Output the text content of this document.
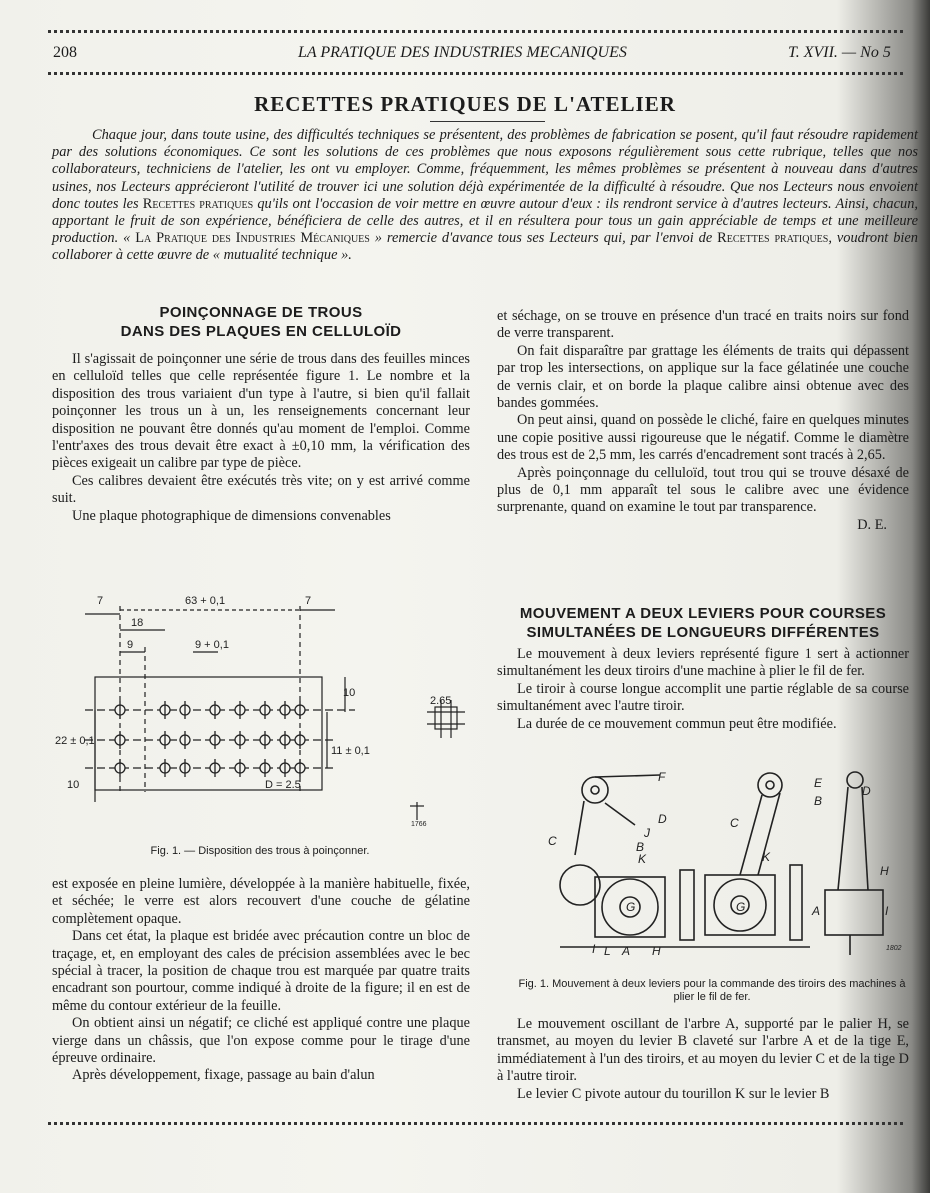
208	LA PRATIQUE DES INDUSTRIES MECANIQUES	T. XVII. — No 5
RECETTES PRATIQUES DE L'ATELIER

Chaque jour, dans toute usine, des difficultés techniques se présentent, des problèmes de fabrication se posent, qu'il faut résoudre rapidement par des solutions économiques. Ce sont les solutions de ces problèmes que nous exposons régulièrement sous cette rubrique, telles que nos collaborateurs, techniciens de l'atelier, les ont vu employer. Comme, fréquemment, les mêmes problèmes se présentent à nouveau dans d'autres usines, nos Lecteurs apprécieront l'utilité de trouver ici une solution déjà expérimentée de la difficulté à résoudre. Que nos Lecteurs nous envoient donc toutes les Recettes pratiques qu'ils ont l'occasion de voir mettre en œuvre autour d'eux : ils rendront service à d'autres lecteurs. Ainsi, chacun, apportant le fruit de son expérience, bénéficiera de celle des autres, et il en résultera pour tous un gain appréciable de temps et une meilleure production. « La Pratique des Industries Mécaniques » remercie d'avance tous ses Lecteurs qui, par l'envoi de Recettes pratiques, voudront bien collaborer à cette œuvre de « mutualité technique ».

POINÇONNAGE DE TROUS
DANS DES PLAQUES EN CELLULOÏD

Il s'agissait de poinçonner une série de trous dans des feuilles minces en celluloïd telles que celle représentée figure 1. Le nombre et la disposition des trous variaient d'un type à l'autre, si bien qu'il fallait poinçonner les trous un à un, les renseignements concernant leur disposition ne pouvant être donnés qu'au moment de l'emploi. Comme l'entr'axes des trous devait être exact à ±0,10 mm, la vérification des pièces exigeait un calibre par type de pièce.

Ces calibres devaient être exécutés très vite; on y est arrivé comme suit.

Une plaque photographique de dimensions convenables

7	63 + 0,1	7
18
9	9 + 0,1
10
22 ± 0,1
10
11 ± 0,1
D = 2.5
2.65
1766
Fig. 1. — Disposition des trous à poinçonner.

est exposée en pleine lumière, développée à la manière habituelle, fixée, et séchée; le verre est alors recouvert d'une couche de gélatine complètement opaque.

Dans cet état, la plaque est bridée avec précaution contre un bloc de traçage, et, en employant des cales de précision assemblées avec le bec spécial à tracer, la position de chaque trou est marquée par quatre traits encadrant son pourtour, comme indiqué à droite de la figure; il en est de même du contour extérieur de la feuille.

On obtient ainsi un négatif; ce cliché est appliqué contre une plaque vierge dans un châssis, que l'on expose comme pour le tirage d'une épreuve ordinaire.

Après développement, fixage, passage au bain d'alun

et séchage, on se trouve en présence d'un tracé en traits noirs sur fond de verre transparent.

On fait disparaître par grattage les éléments de traits qui dépassent par trop les intersections, on applique sur la face gélatinée une couche de vernis clair, et on borde la plaque calibre ainsi obtenue avec des bandes gommées.

On peut ainsi, quand on possède le cliché, faire en quelques minutes une copie positive aussi rigoureuse que le négatif. Comme le diamètre des trous est de 2,5 mm, les carrés d'encadrement sont tracés à 2,65.

Après poinçonnage du celluloïd, tout trou qui se trouve désaxé de plus de 0,1 mm apparaît tel sous le calibre avec une évidence surprenante, quand on examine le tout par transparence.

D. E.
MOUVEMENT A DEUX LEVIERS POUR COURSES
SIMULTANÉES DE LONGUEURS DIFFÉRENTES

Le mouvement à deux leviers représenté figure 1 sert à actionner simultanément les deux tiroirs d'une machine à plier le fil de fer.

Le tiroir à course longue accomplit une partie réglable de sa course simultanément avec l'autre tiroir.

La durée de ce mouvement commun peut être modifiée.

F
D
J
C	B
K
G
I L A H
C
K
G
E
B
A
H
I
D
1802
Fig. 1. Mouvement à deux leviers pour la commande des tiroirs des machines à plier le fil de fer.

Le mouvement oscillant de l'arbre A, supporté par le palier H, se transmet, au moyen du levier B claveté sur l'arbre A et de la tige E, immédiatement à l'un des tiroirs, et au moyen du levier C et de la tige D à l'autre tiroir.

Le levier C pivote autour du tourillon K sur le levier B
